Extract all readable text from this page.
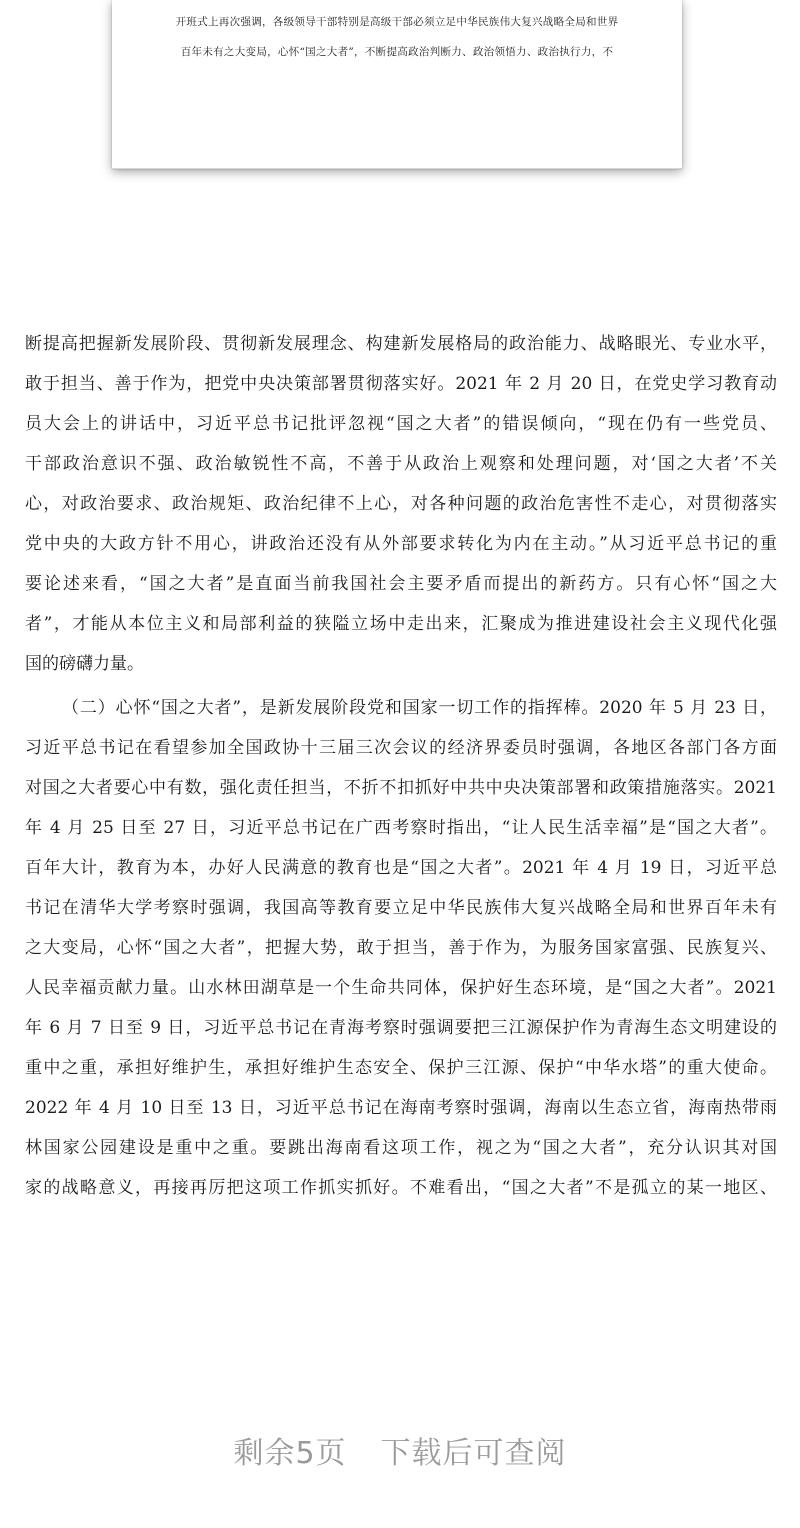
开班式上再次强调，各级领导干部特别是高级干部必须立足中华民族伟大复兴战略全局和世界
百年未有之大变局，心怀“国之大者”，不断提高政治判断力、政治领悟力、政治执行力，不
断提高把握新发展阶段、贯彻新发展理念、构建新发展格局的政治能力、战略眼光、专业水平，
敢于担当、善于作为，把党中央决策部署贯彻落实好。2021 年 2 月 20 日，在党史学习教育动
员大会上的讲话中，习近平总书记批评忽视“国之大者”的错误倾向，“现在仍有一些党员、
干部政治意识不强、政治敏锐性不高，不善于从政治上观察和处理问题，对‘国之大者’不关
心，对政治要求、政治规矩、政治纪律不上心，对各种问题的政治危害性不走心，对贯彻落实
党中央的大政方针不用心，讲政治还没有从外部要求转化为内在主动。”从习近平总书记的重
要论述来看，“国之大者”是直面当前我国社会主要矛盾而提出的新药方。只有心怀“国之大
者”，才能从本位主义和局部利益的狭隘立场中走出来，汇聚成为推进建设社会主义现代化强
国的磅礴力量。
（二）心怀“国之大者”，是新发展阶段党和国家一切工作的指挥棒。2020 年 5 月 23 日，
习近平总书记在看望参加全国政协十三届三次会议的经济界委员时强调，各地区各部门各方面
对国之大者要心中有数，强化责任担当，不折不扣抓好中共中央决策部署和政策措施落实。2021
年 4 月 25 日至 27 日，习近平总书记在广西考察时指出，“让人民生活幸福”是“国之大者”。
百年大计，教育为本，办好人民满意的教育也是“国之大者”。2021 年 4 月 19 日，习近平总
书记在清华大学考察时强调，我国高等教育要立足中华民族伟大复兴战略全局和世界百年未有
之大变局，心怀“国之大者”，把握大势，敢于担当，善于作为，为服务国家富强、民族复兴、
人民幸福贡献力量。山水林田湖草是一个生命共同体，保护好生态环境，是“国之大者”。2021
年 6 月 7 日至 9 日，习近平总书记在青海考察时强调要把三江源保护作为青海生态文明建设的
重中之重，承担好维护生，承担好维护生态安全、保护三江源、保护“中华水塔”的重大使命。
2022 年 4 月 10 日至 13 日，习近平总书记在海南考察时强调，海南以生态立省，海南热带雨
林国家公园建设是重中之重。要跳出海南看这项工作，视之为“国之大者”，充分认识其对国
家的战略意义，再接再厉把这项工作抓实抓好。不难看出，“国之大者”不是孤立的某一地区、
剩余5页 下载后可查阅
